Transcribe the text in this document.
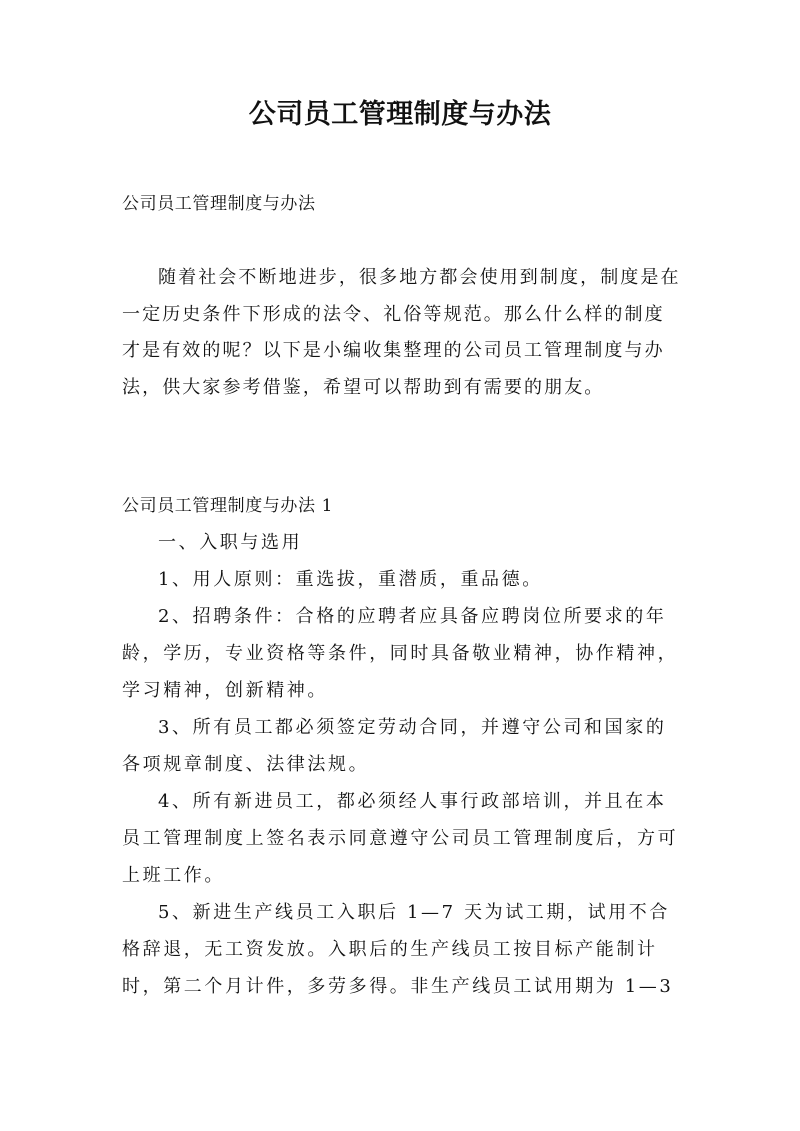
公司员工管理制度与办法
公司员工管理制度与办法

随着社会不断地进步，很多地方都会使用到制度，制度是在一定历史条件下形成的法令、礼俗等规范。那么什么样的制度才是有效的呢？以下是小编收集整理的公司员工管理制度与办法，供大家参考借鉴，希望可以帮助到有需要的朋友。

公司员工管理制度与办法 1

一、入职与选用

1、用人原则：重选拔，重潜质，重品德。

2、招聘条件：合格的应聘者应具备应聘岗位所要求的年龄，学历，专业资格等条件，同时具备敬业精神，协作精神，学习精神，创新精神。

3、所有员工都必须签定劳动合同，并遵守公司和国家的各项规章制度、法律法规。

4、所有新进员工，都必须经人事行政部培训，并且在本员工管理制度上签名表示同意遵守公司员工管理制度后，方可上班工作。

5、新进生产线员工入职后 1—7 天为试工期，试用不合格辞退，无工资发放。入职后的生产线员工按目标产能制计时，第二个月计件，多劳多得。非生产线员工试用期为 1—3
